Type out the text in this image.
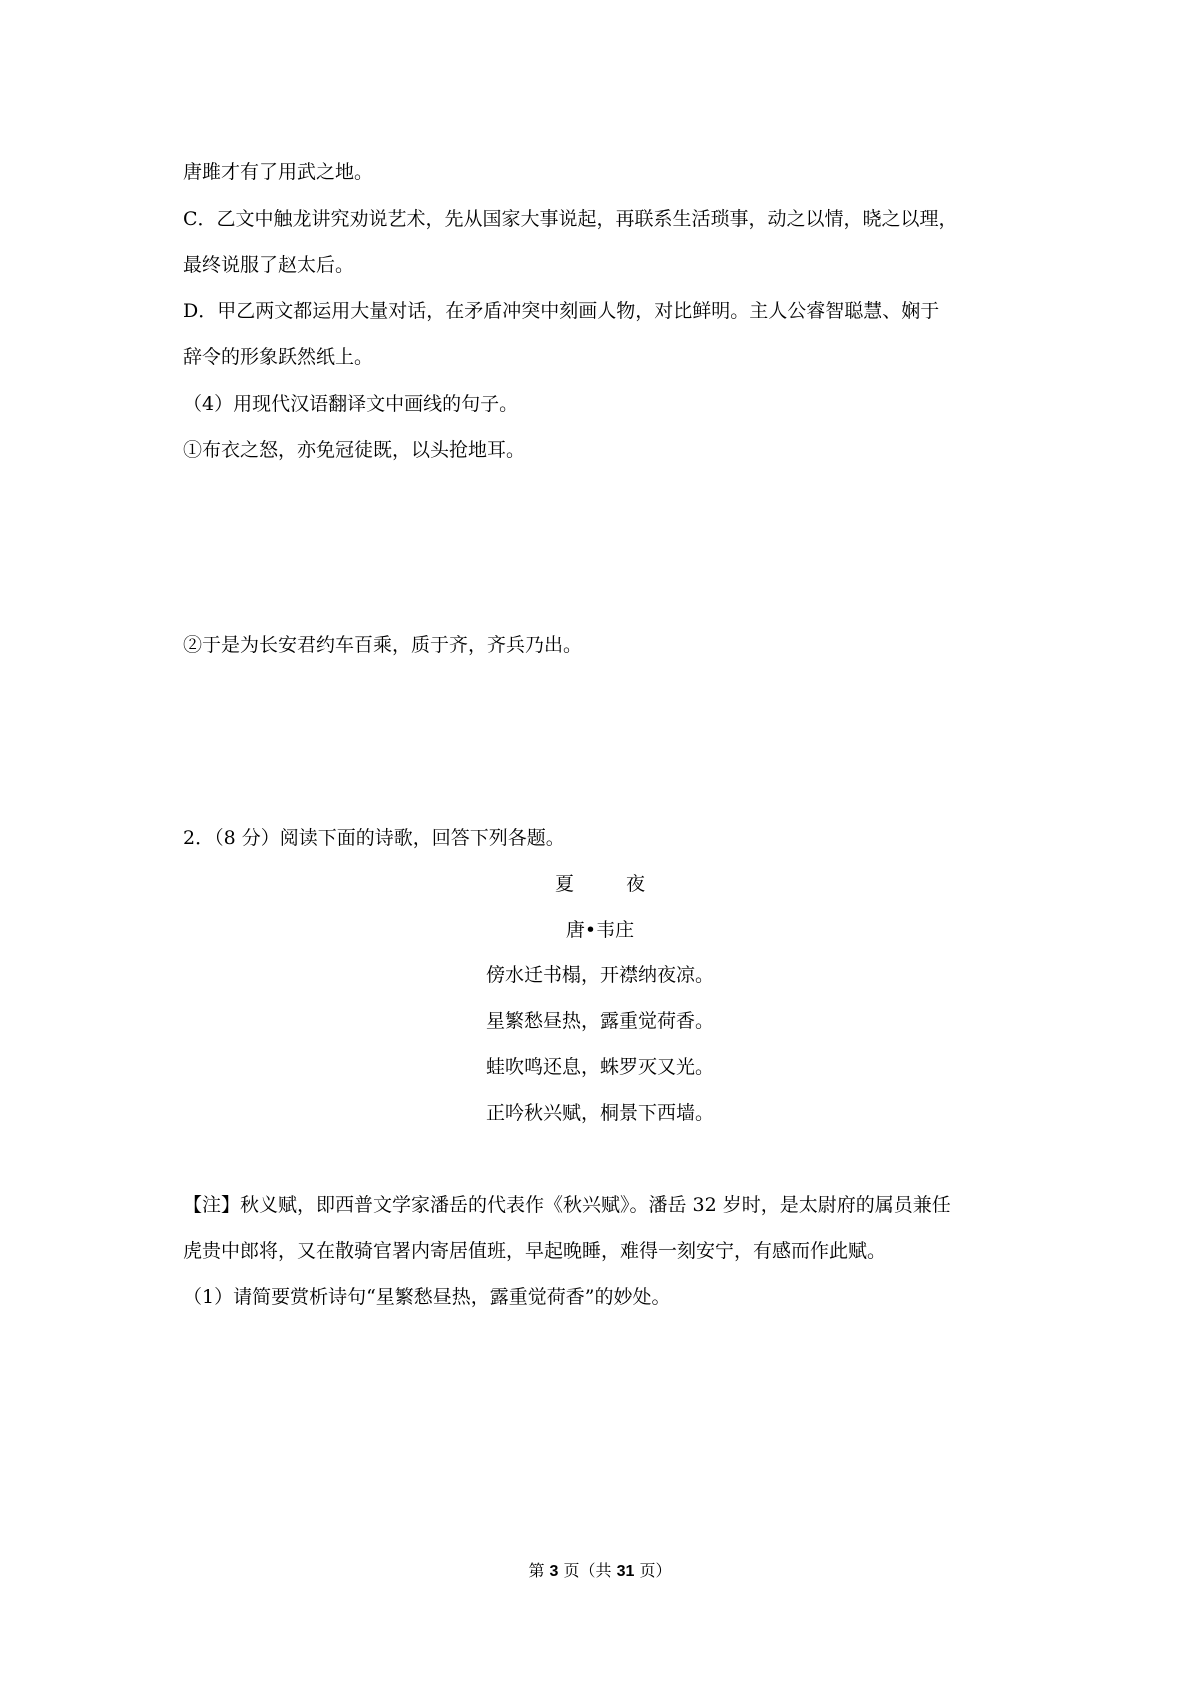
唐雎才有了用武之地。

C．乙文中触龙讲究劝说艺术，先从国家大事说起，再联系生活琐事，动之以情，晓之以理，

最终说服了赵太后。

D．甲乙两文都运用大量对话，在矛盾冲突中刻画人物，对比鲜明。主人公睿智聪慧、娴于

辞令的形象跃然纸上。

（4）用现代汉语翻译文中画线的句子。

①布衣之怒，亦免冠徒既，以头抢地耳。

②于是为长安君约车百乘，质于齐，齐兵乃出。

2．（8 分）阅读下面的诗歌，回答下列各题。

夏	夜

唐•韦庄

傍水迁书榻，开襟纳夜凉。

星繁愁昼热，露重觉荷香。

蛙吹鸣还息，蛛罗灭又光。

正吟秋兴赋，桐景下西墙。

【注】秋义赋，即西普文学家潘岳的代表作《秋兴赋》。潘岳 32 岁时，是太尉府的属员兼任

虎贵中郎将，又在散骑官署内寄居值班，早起晚睡，难得一刻安宁，有感而作此赋。

（1）请简要赏析诗句“星繁愁昼热，露重觉荷香”的妙处。

第 3 页（共 31 页）
